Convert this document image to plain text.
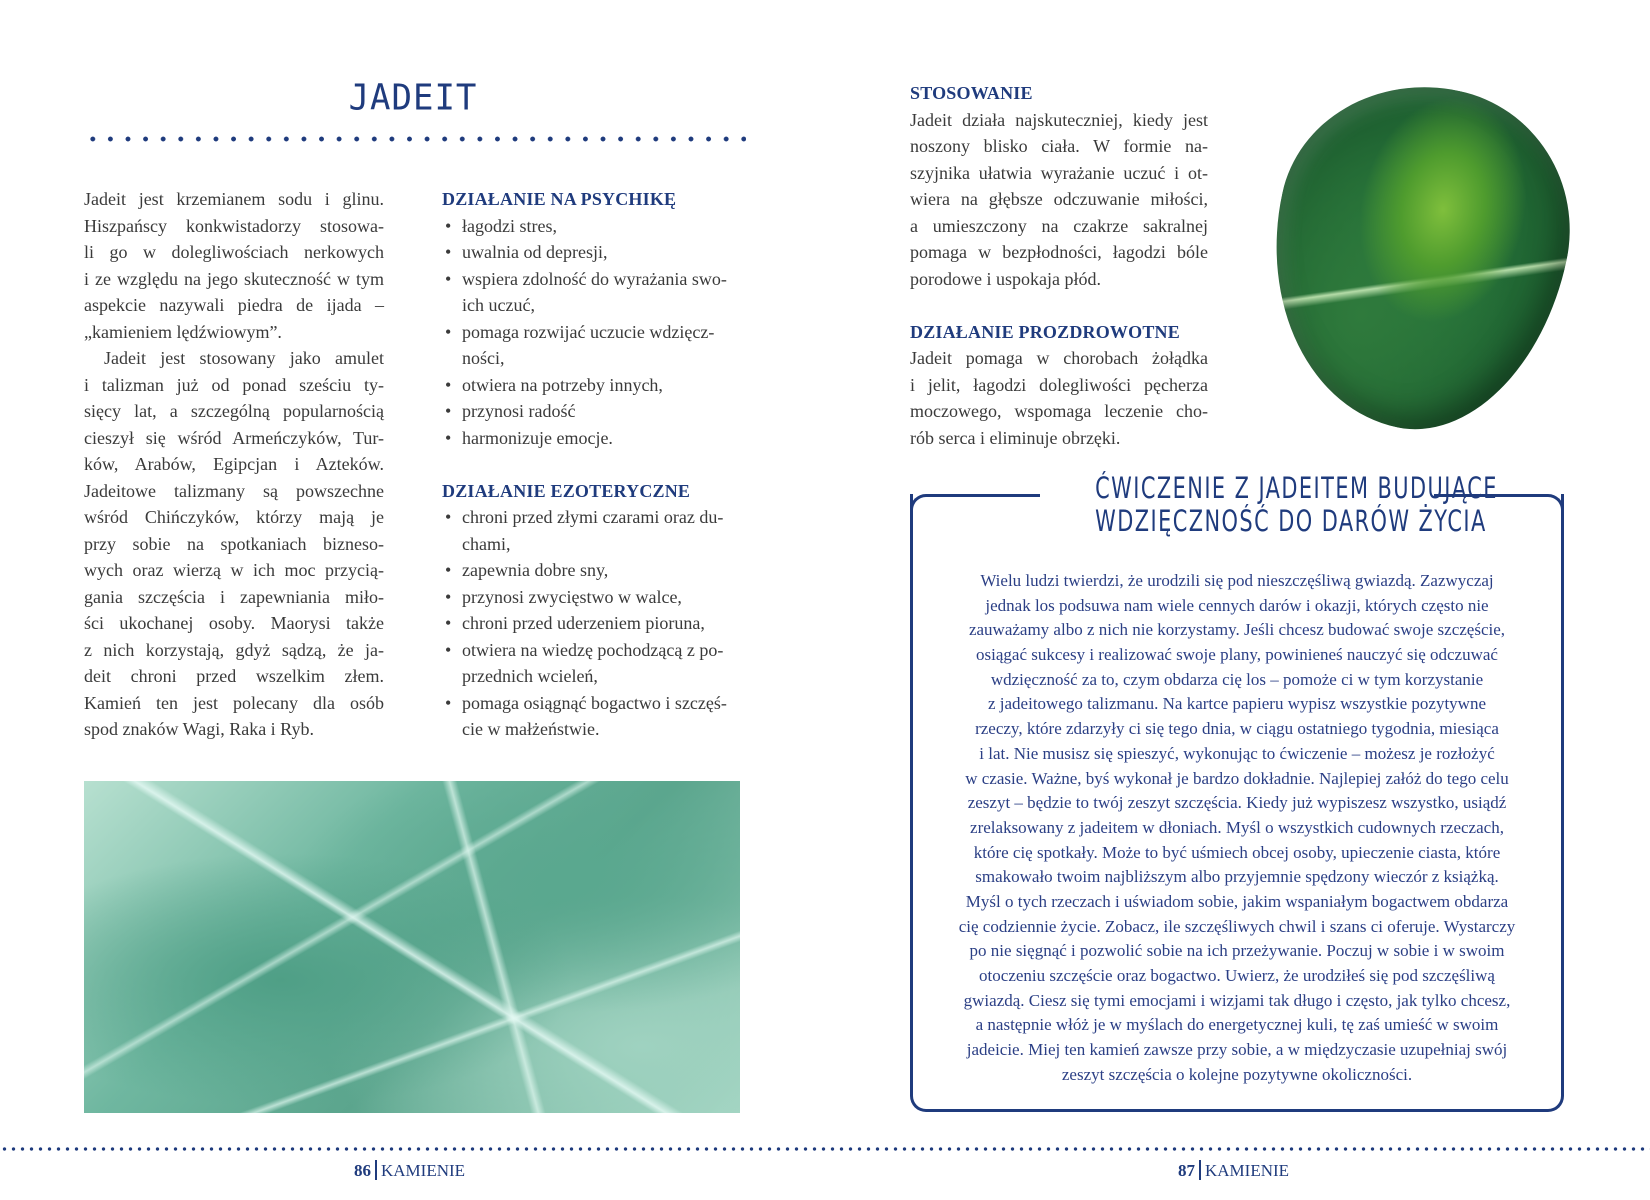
JADEIT
Jadeit jest krzemianem sodu i glinu.
Hiszpańscy konkwistadorzy stosowa-
li go w dolegliwościach nerkowych
i ze względu na jego skuteczność w tym
aspekcie nazywali piedra de ijada –
„kamieniem lędźwiowym”.
Jadeit jest stosowany jako amulet
i talizman już od ponad sześciu ty-
sięcy lat, a szczególną popularnością
cieszył się wśród Armeńczyków, Tur-
ków, Arabów, Egipcjan i Azteków.
Jadeitowe talizmany są powszechne
wśród Chińczyków, którzy mają je
przy sobie na spotkaniach bizneso-
wych oraz wierzą w ich moc przycią-
gania szczęścia i zapewniania miło-
ści ukochanej osoby. Maorysi także
z nich korzystają, gdyż sądzą, że ja-
deit chroni przed wszelkim złem.
Kamień ten jest polecany dla osób
spod znaków Wagi, Raka i Ryb.
DZIAŁANIE NA PSYCHIKĘ
• łagodzi stres,
• uwalnia od depresji,
• wspiera zdolność do wyrażania swo-
ich uczuć,
• pomaga rozwijać uczucie wdzięcz-
ności,
• otwiera na potrzeby innych,
• przynosi radość
• harmonizuje emocje.
DZIAŁANIE EZOTERYCZNE
• chroni przed złymi czarami oraz du-
chami,
• zapewnia dobre sny,
• przynosi zwycięstwo w walce,
• chroni przed uderzeniem pioruna,
• otwiera na wiedzę pochodzącą z po-
przednich wcieleń,
• pomaga osiągnąć bogactwo i szczęś-
cie w małżeństwie.
STOSOWANIE
Jadeit działa najskuteczniej, kiedy jest
noszony blisko ciała. W formie na-
szyjnika ułatwia wyrażanie uczuć i ot-
wiera na głębsze odczuwanie miłości,
a umieszczony na czakrze sakralnej
pomaga w bezpłodności, łagodzi bóle
porodowe i uspokaja płód.
DZIAŁANIE PROZDROWOTNE
Jadeit pomaga w chorobach żołądka
i jelit, łagodzi dolegliwości pęcherza
moczowego, wspomaga leczenie cho-
rób serca i eliminuje obrzęki.
ĆWICZENIE Z JADEITEM BUDUJĄCE
WDZIĘCZNOŚĆ DO DARÓW ŻYCIA
Wielu ludzi twierdzi, że urodzili się pod nieszczęśliwą gwiazdą. Zazwyczaj
jednak los podsuwa nam wiele cennych darów i okazji, których często nie
zauważamy albo z nich nie korzystamy. Jeśli chcesz budować swoje szczęście,
osiągać sukcesy i realizować swoje plany, powinieneś nauczyć się odczuwać
wdzięczność za to, czym obdarza cię los – pomoże ci w tym korzystanie
z jadeitowego talizmanu. Na kartce papieru wypisz wszystkie pozytywne
rzeczy, które zdarzyły ci się tego dnia, w ciągu ostatniego tygodnia, miesiąca
i lat. Nie musisz się spieszyć, wykonując to ćwiczenie – możesz je rozłożyć
w czasie. Ważne, byś wykonał je bardzo dokładnie. Najlepiej załóż do tego celu
zeszyt – będzie to twój zeszyt szczęścia. Kiedy już wypiszesz wszystko, usiądź
zrelaksowany z jadeitem w dłoniach. Myśl o wszystkich cudownych rzeczach,
które cię spotkały. Może to być uśmiech obcej osoby, upieczenie ciasta, które
smakowało twoim najbliższym albo przyjemnie spędzony wieczór z książką.
Myśl o tych rzeczach i uświadom sobie, jakim wspaniałym bogactwem obdarza
cię codziennie życie. Zobacz, ile szczęśliwych chwil i szans ci oferuje. Wystarczy
po nie sięgnąć i pozwolić sobie na ich przeżywanie. Poczuj w sobie i w swoim
otoczeniu szczęście oraz bogactwo. Uwierz, że urodziłeś się pod szczęśliwą
gwiazdą. Ciesz się tymi emocjami i wizjami tak długo i często, jak tylko chcesz,
a następnie włóż je w myślach do energetycznej kuli, tę zaś umieść w swoim
jadeicie. Miej ten kamień zawsze przy sobie, a w międzyczasie uzupełniaj swój
zeszyt szczęścia o kolejne pozytywne okoliczności.
86 KAMIENIE	87 KAMIENIE
